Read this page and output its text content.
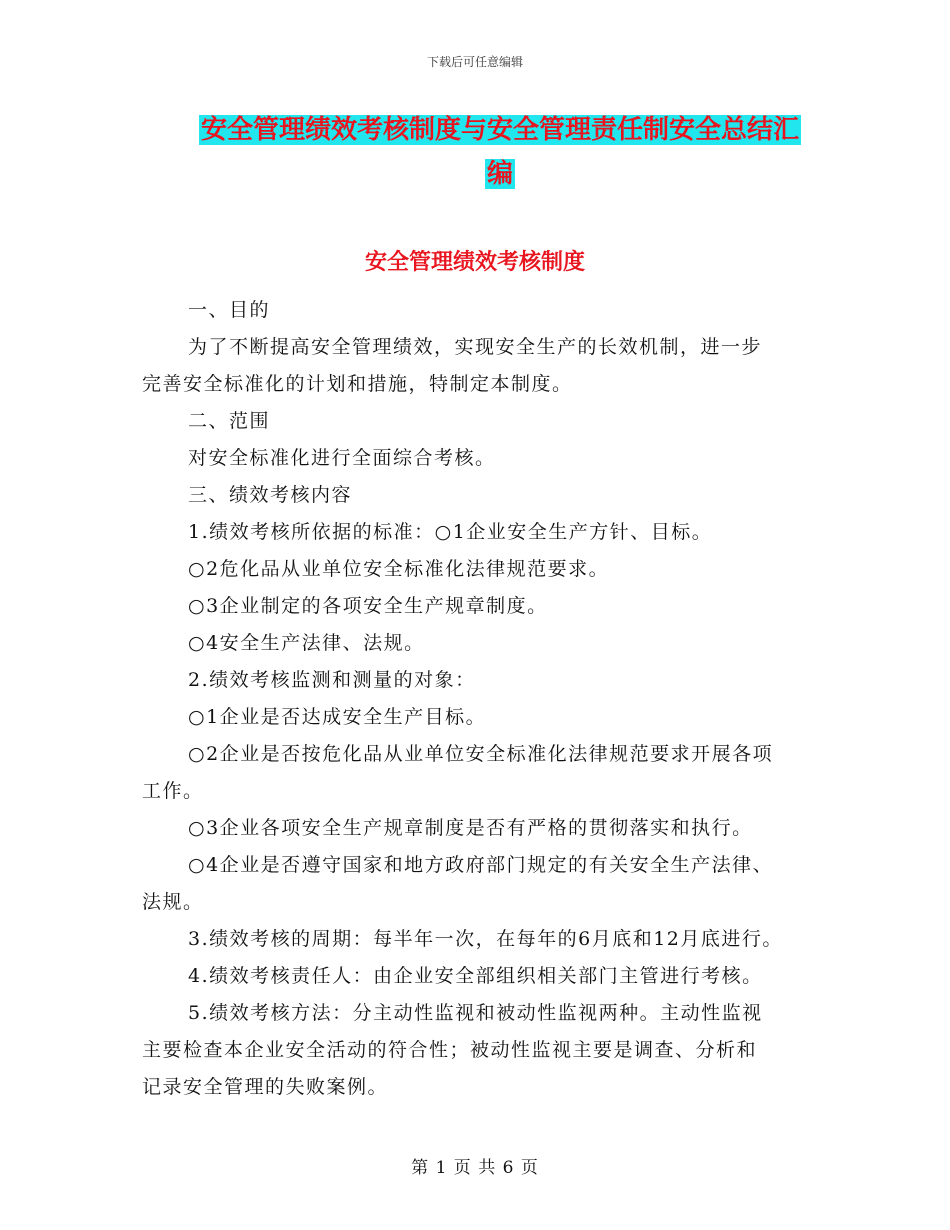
下载后可任意编辑
安全管理绩效考核制度与安全管理责任制安全总结汇
编
安全管理绩效考核制度

一、目的

为了不断提高安全管理绩效，实现安全生产的长效机制，进一步

完善安全标准化的计划和措施，特制定本制度。

二、范围

对安全标准化进行全面综合考核。

三、绩效考核内容

1.绩效考核所依据的标准：○1企业安全生产方针、目标。

○2危化品从业单位安全标准化法律规范要求。

○3企业制定的各项安全生产规章制度。

○4安全生产法律、法规。

2.绩效考核监测和测量的对象：

○1企业是否达成安全生产目标。

○2企业是否按危化品从业单位安全标准化法律规范要求开展各项

工作。

○3企业各项安全生产规章制度是否有严格的贯彻落实和执行。

○4企业是否遵守国家和地方政府部门规定的有关安全生产法律、

法规。

3.绩效考核的周期：每半年一次，在每年的6月底和12月底进行。

4.绩效考核责任人：由企业安全部组织相关部门主管进行考核。

5.绩效考核方法：分主动性监视和被动性监视两种。主动性监视

主要检查本企业安全活动的符合性；被动性监视主要是调查、分析和

记录安全管理的失败案例。

第 1 页 共 6 页
